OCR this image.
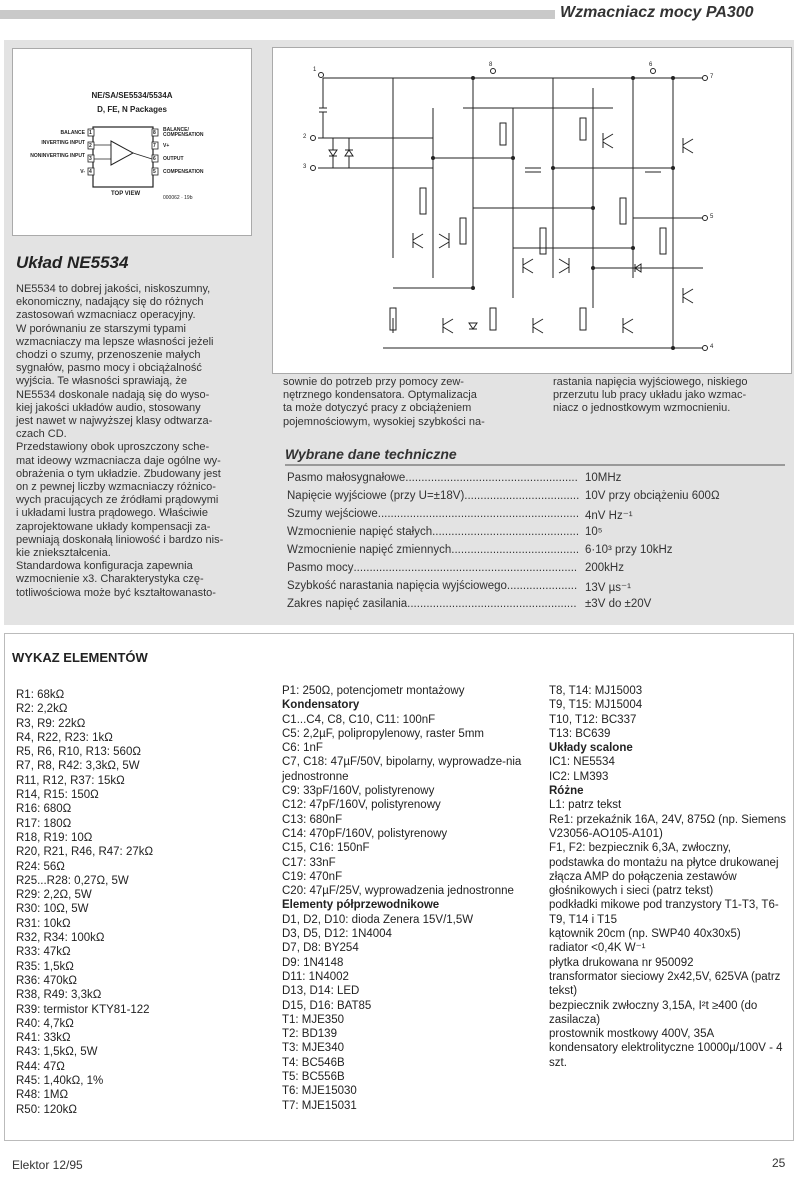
Wzmacniacz mocy PA300
NE/SA/SE5534/5534A
D, FE, N Packages
1
2
3
4
8
7
6
5
BALANCE
INVERTING INPUT
NONINVERTING INPUT
V-
BALANCE/ COMPENSATION
V+
OUTPUT
COMPENSATION
TOP VIEW
000062 · 19b
1
2
3
8	6
7
5
4
Układ NE5534

NE5534 to dobrej jakości, niskoszumny,

ekonomiczny, nadający się do różnych

zastosowań wzmacniacz operacyjny.

W porównaniu ze starszymi typami

wzmacniaczy ma lepsze własności jeżeli

chodzi o szumy, przenoszenie małych

sygnałów, pasmo mocy i obciążalność

wyjścia. Te własności sprawiają, że

NE5534 doskonale nadają się do wyso-

kiej jakości układów audio, stosowany

jest nawet w najwyższej klasy odtwarza-

czach CD.

Przedstawiony obok uproszczony sche-

mat ideowy wzmacniacza daje ogólne wy-

obrażenia o tym układzie. Zbudowany jest

on z pewnej liczby wzmacniaczy różnico-

wych pracujących ze źródłami prądowymi

i układami lustra prądowego. Właściwie

zaprojektowane układy kompensacji za-

pewniają doskonałą liniowość i bardzo nis-

kie zniekształcenia.

Standardowa konfiguracja zapewnia

wzmocnienie x3. Charakterystyka czę-

totliwościowa może być kształtowanasto-

sownie do potrzeb przy pomocy zew-

nętrznego kondensatora. Optymalizacja

ta może dotyczyć pracy z obciążeniem

pojemnościowym, wysokiej szybkości na-

rastania napięcia wyjściowego, niskiego

przerzutu lub pracy układu jako wzmac-

niacz o jednostkowym wzmocnieniu.

Wybrane dane techniczne
Pasmo małosygnałowe...................................................... 10MHz
Napięcie wyjściowe (przy U=±18V).................................... 10V przy obciążeniu 600Ω
Szumy wejściowe............................................................... 4nV Hz⁻¹
Wzmocnienie napięć stałych.............................................. 10⁵
Wzmocnienie napięć zmiennych........................................ 6·10³ przy 10kHz
Pasmo mocy...................................................................... 200kHz
Szybkość narastania napięcia wyjściowego...................... 13V µs⁻¹
Zakres napięć zasilania..................................................... ±3V do ±20V
WYKAZ ELEMENTÓW
R1: 68kΩ
R2: 2,2kΩ
R3, R9: 22kΩ
R4, R22, R23: 1kΩ
R5, R6, R10, R13: 560Ω
R7, R8, R42: 3,3kΩ, 5W
R11, R12, R37: 15kΩ
R14, R15: 150Ω
R16: 680Ω
R17: 180Ω
R18, R19: 10Ω
R20, R21, R46, R47: 27kΩ
R24: 56Ω
R25...R28: 0,27Ω, 5W
R29: 2,2Ω, 5W
R30: 10Ω, 5W
R31: 10kΩ
R32, R34: 100kΩ
R33: 47kΩ
R35: 1,5kΩ
R36: 470kΩ
R38, R49: 3,3kΩ
R39: termistor KTY81-122
R40: 4,7kΩ
R41: 33kΩ
R43: 1,5kΩ, 5W
R44: 47Ω
R45: 1,40kΩ, 1%
R48: 1MΩ
R50: 120kΩ
P1: 250Ω, potencjometr montażowy
Kondensatory
C1...C4, C8, C10, C11: 100nF
C5: 2,2µF, polipropylenowy, raster 5mm
C6: 1nF
C7, C18: 47µF/50V, bipolarny, wyprowadze-nia jednostronne
C9: 33pF/160V, polistyrenowy
C12: 47pF/160V, polistyrenowy
C13: 680nF
C14: 470pF/160V, polistyrenowy
C15, C16: 150nF
C17: 33nF
C19: 470nF
C20: 47µF/25V, wyprowadzenia jednostronne
Elementy półprzewodnikowe
D1, D2, D10: dioda Zenera 15V/1,5W
D3, D5, D12: 1N4004
D7, D8: BY254
D9: 1N4148
D11: 1N4002
D13, D14: LED
D15, D16: BAT85
T1: MJE350
T2: BD139
T3: MJE340
T4: BC546B
T5: BC556B
T6: MJE15030
T7: MJE15031
T8, T14: MJ15003
T9, T15: MJ15004
T10, T12: BC337
T13: BC639
Układy scalone
IC1: NE5534
IC2: LM393
Różne
L1: patrz tekst
Re1: przekaźnik 16A, 24V, 875Ω (np. Siemens V23056-AO105-A101)
F1, F2: bezpiecznik 6,3A, zwłoczny, podstawka do montażu na płytce drukowanej złącza AMP do połączenia zestawów głośnikowych i sieci (patrz tekst)
podkładki mikowe pod tranzystory T1-T3, T6-T9, T14 i T15
kątownik 20cm (np. SWP40 40x30x5)
radiator <0,4K W⁻¹
płytka drukowana nr 950092
transformator sieciowy 2x42,5V, 625VA (patrz tekst)
bezpiecznik zwłoczny 3,15A, I²t ≥400 (do zasilacza)
prostownik mostkowy 400V, 35A
kondensatory elektrolityczne 10000µ/100V - 4 szt.
Elektor 12/95	25
